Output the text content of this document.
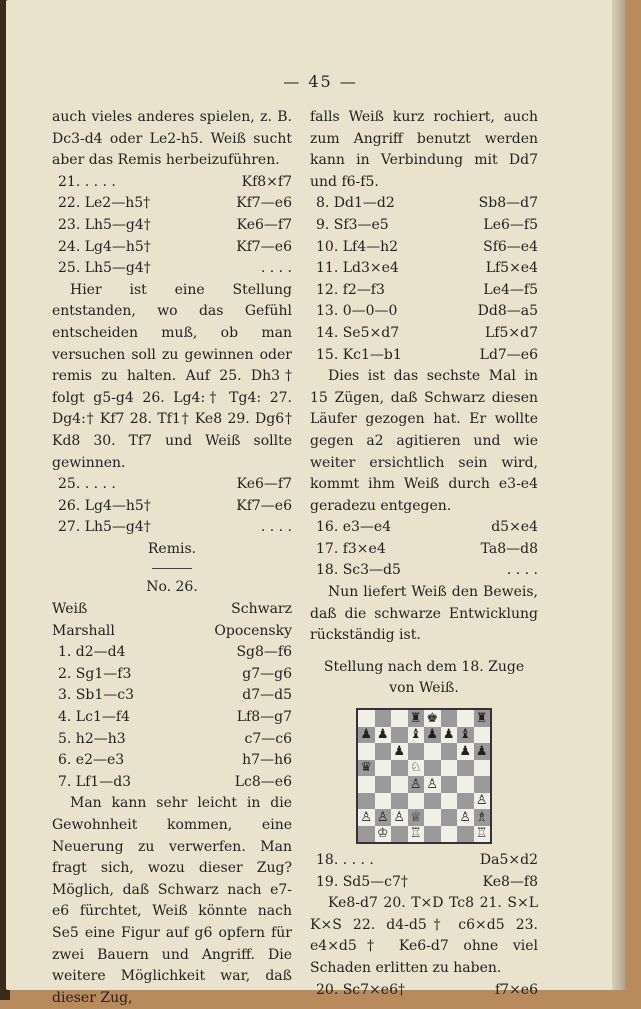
— 45 —

auch vieles anderes spielen, z. B. Dc3-d4 oder Le2-h5. Weiß sucht aber das Remis herbeizuführen.

21. . . . .	Kf8×f7
22. Le2—h5†	Kf7—e6
23. Lh5—g4†	Ke6—f7
24. Lg4—h5†	Kf7—e6
25. Lh5—g4†	. . . .

Hier ist eine Stellung entstanden, wo das Gefühl entscheiden muß, ob man versuchen soll zu gewinnen oder remis zu halten. Auf 25. Dh3† folgt g5-g4 26. Lg4:† Tg4: 27. Dg4:† Kf7 28. Tf1† Ke8 29. Dg6† Kd8 30. Tf7 und Weiß sollte gewinnen.

25. . . . .	Ke6—f7
26. Lg4—h5†	Kf7—e6
27. Lh5—g4†	. . . .
Remis.
No. 26.
Weiß	Schwarz
Marshall	Opocensky
1. d2—d4	Sg8—f6
2. Sg1—f3	g7—g6
3. Sb1—c3	d7—d5
4. Lc1—f4	Lf8—g7
5. h2—h3	c7—c6
6. e2—e3	h7—h6
7. Lf1—d3	Lc8—e6

Man kann sehr leicht in die Gewohnheit kommen, eine Neuerung zu verwerfen. Man fragt sich, wozu dieser Zug? Möglich, daß Schwarz nach e7-e6 fürchtet, Weiß könnte nach Se5 eine Figur auf g6 opfern für zwei Bauern und Angriff. Die weitere Möglichkeit war, daß dieser Zug,

falls Weiß kurz rochiert, auch zum Angriff benutzt werden kann in Verbindung mit Dd7 und f6-f5.

8. Dd1—d2	Sb8—d7
9. Sf3—e5	Le6—f5
10. Lf4—h2	Sf6—e4
11. Ld3×e4	Lf5×e4
12. f2—f3	Le4—f5
13. 0—0—0	Dd8—a5
14. Se5×d7	Lf5×d7
15. Kc1—b1	Ld7—e6

Dies ist das sechste Mal in 15 Zügen, daß Schwarz diesen Läufer gezogen hat. Er wollte gegen a2 agitieren und wie weiter ersichtlich sein wird, kommt ihm Weiß durch e3-e4 geradezu entgegen.

16. e3—e4	d5×e4
17. f3×e4	Ta8—d8
18. Sc3—d5	. . . .

Nun liefert Weiß den Beweis, daß die schwarze Entwicklung rückständig ist.

Stellung nach dem 18. Zuge von Weiß.
♜ ♚	♜
♟ ♟ ♝ ♟ ♟ ♝
♟	♟ ♟
♛	♘
♙ ♙
♙
♙ ♙ ♙ ♕	♙ ♗
♔ ♖	♖
18. . . . .	Da5×d2
19. Sd5—c7†	Ke8—f8

Ke8-d7 20. T×D Tc8 21. S×L K×S 22. d4-d5† c6×d5 23. e4×d5† Ke6-d7 ohne viel Schaden erlitten zu haben.

20. Sc7×e6†	f7×e6
